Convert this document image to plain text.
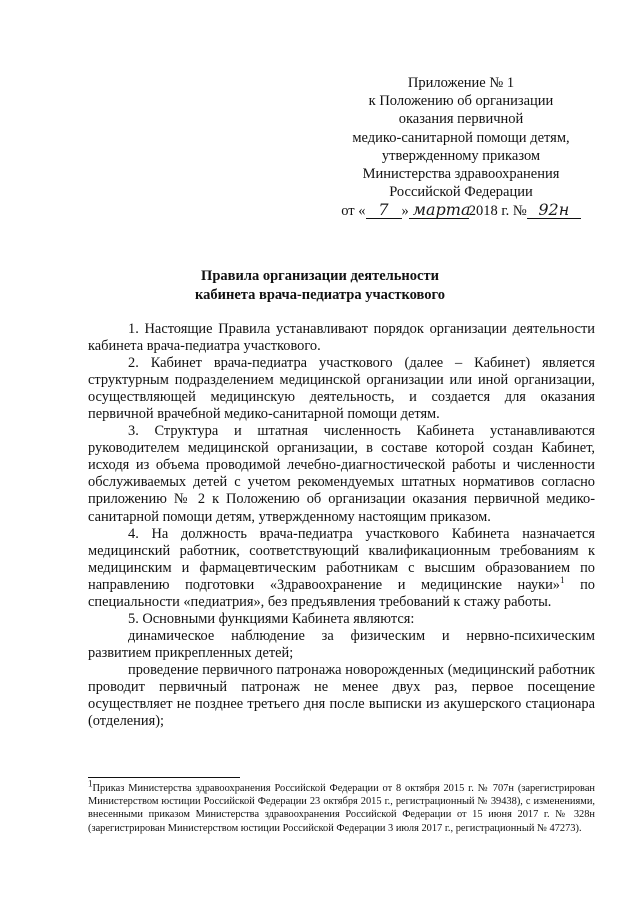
Приложение № 1
к Положению об организации
оказания первичной
медико-санитарной помощи детям,
утвержденному приказом
Министерства здравоохранения
Российской Федерации
от « 7 » марта2018 г. № 92н
Правила организации деятельности
кабинета врача-педиатра участкового

1. Настоящие Правила устанавливают порядок организации деятельности кабинета врача-педиатра участкового.

2. Кабинет врача-педиатра участкового (далее – Кабинет) является структурным подразделением медицинской организации или иной организации, осуществляющей медицинскую деятельность, и создается для оказания первичной врачебной медико-санитарной помощи детям.

3. Структура и штатная численность Кабинета устанавливаются руководителем медицинской организации, в составе которой создан Кабинет, исходя из объема проводимой лечебно-диагностической работы и численности обслуживаемых детей с учетом рекомендуемых штатных нормативов согласно приложению № 2 к Положению об организации оказания первичной медико-санитарной помощи детям, утвержденному настоящим приказом.

4. На должность врача-педиатра участкового Кабинета назначается медицинский работник, соответствующий квалификационным требованиям к медицинским и фармацевтическим работникам с высшим образованием по направлению подготовки «Здравоохранение и медицинские науки»$^1$ по специальности «педиатрия», без предъявления требований к стажу работы.

5. Основными функциями Кабинета являются:

динамическое наблюдение за физическим и нервно-психическим развитием прикрепленных детей;

проведение первичного патронажа новорожденных (медицинский работник проводит первичный патронаж не менее двух раз, первое посещение осуществляет не позднее третьего дня после выписки из акушерского стационара (отделения);

$^1$Приказ Министерства здравоохранения Российской Федерации от 8 октября 2015 г. № 707н (зарегистрирован Министерством юстиции Российской Федерации 23 октября 2015 г., регистрационный № 39438), с изменениями, внесенными приказом Министерства здравоохранения Российской Федерации от 15 июня 2017 г. № 328н (зарегистрирован Министерством юстиции Российской Федерации 3 июля 2017 г., регистрационный № 47273).
